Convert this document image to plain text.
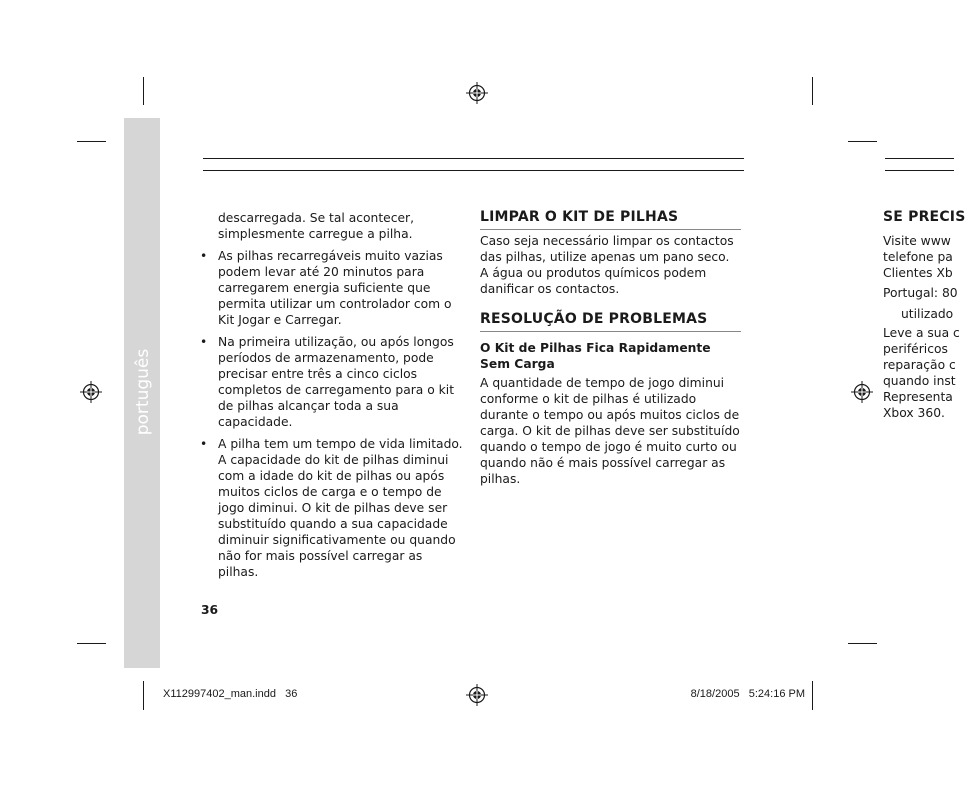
português

descarregada. Se tal acontecer, simplesmente carregue a pilha.

• As pilhas recarregáveis muito vazias podem levar até 20 minutos para carregarem energia suficiente que permita utilizar um controlador com o Kit Jogar e Carregar.
• Na primeira utilização, ou após longos períodos de armazenamento, pode precisar entre três a cinco ciclos completos de carregamento para o kit de pilhas alcançar toda a sua capacidade.
• A pilha tem um tempo de vida limitado. A capacidade do kit de pilhas diminui com a idade do kit de pilhas ou após muitos ciclos de carga e o tempo de jogo diminui. O kit de pilhas deve ser substituído quando a sua capacidade diminuir significativamente ou quando não for mais possível carregar as pilhas.
LIMPAR O KIT DE PILHAS

Caso seja necessário limpar os contactos das pilhas, utilize apenas um pano seco. A água ou produtos químicos podem danificar os contactos.

RESOLUÇÃO DE PROBLEMAS
O Kit de Pilhas Fica Rapidamente Sem Carga

A quantidade de tempo de jogo diminui conforme o kit de pilhas é utilizado durante o tempo ou após muitos ciclos de carga. O kit de pilhas deve ser substituído quando o tempo de jogo é muito curto ou quando não é mais possível carregar as pilhas.

SE PRECIS
Visite www
telefone pa
Clientes Xb
Portugal: 80
utilizado
Leve a sua c
periféricos
reparação c
quando inst
Representa
Xbox 360.
36
X112997402_man.indd   36	8/18/2005   5:24:16 PM
